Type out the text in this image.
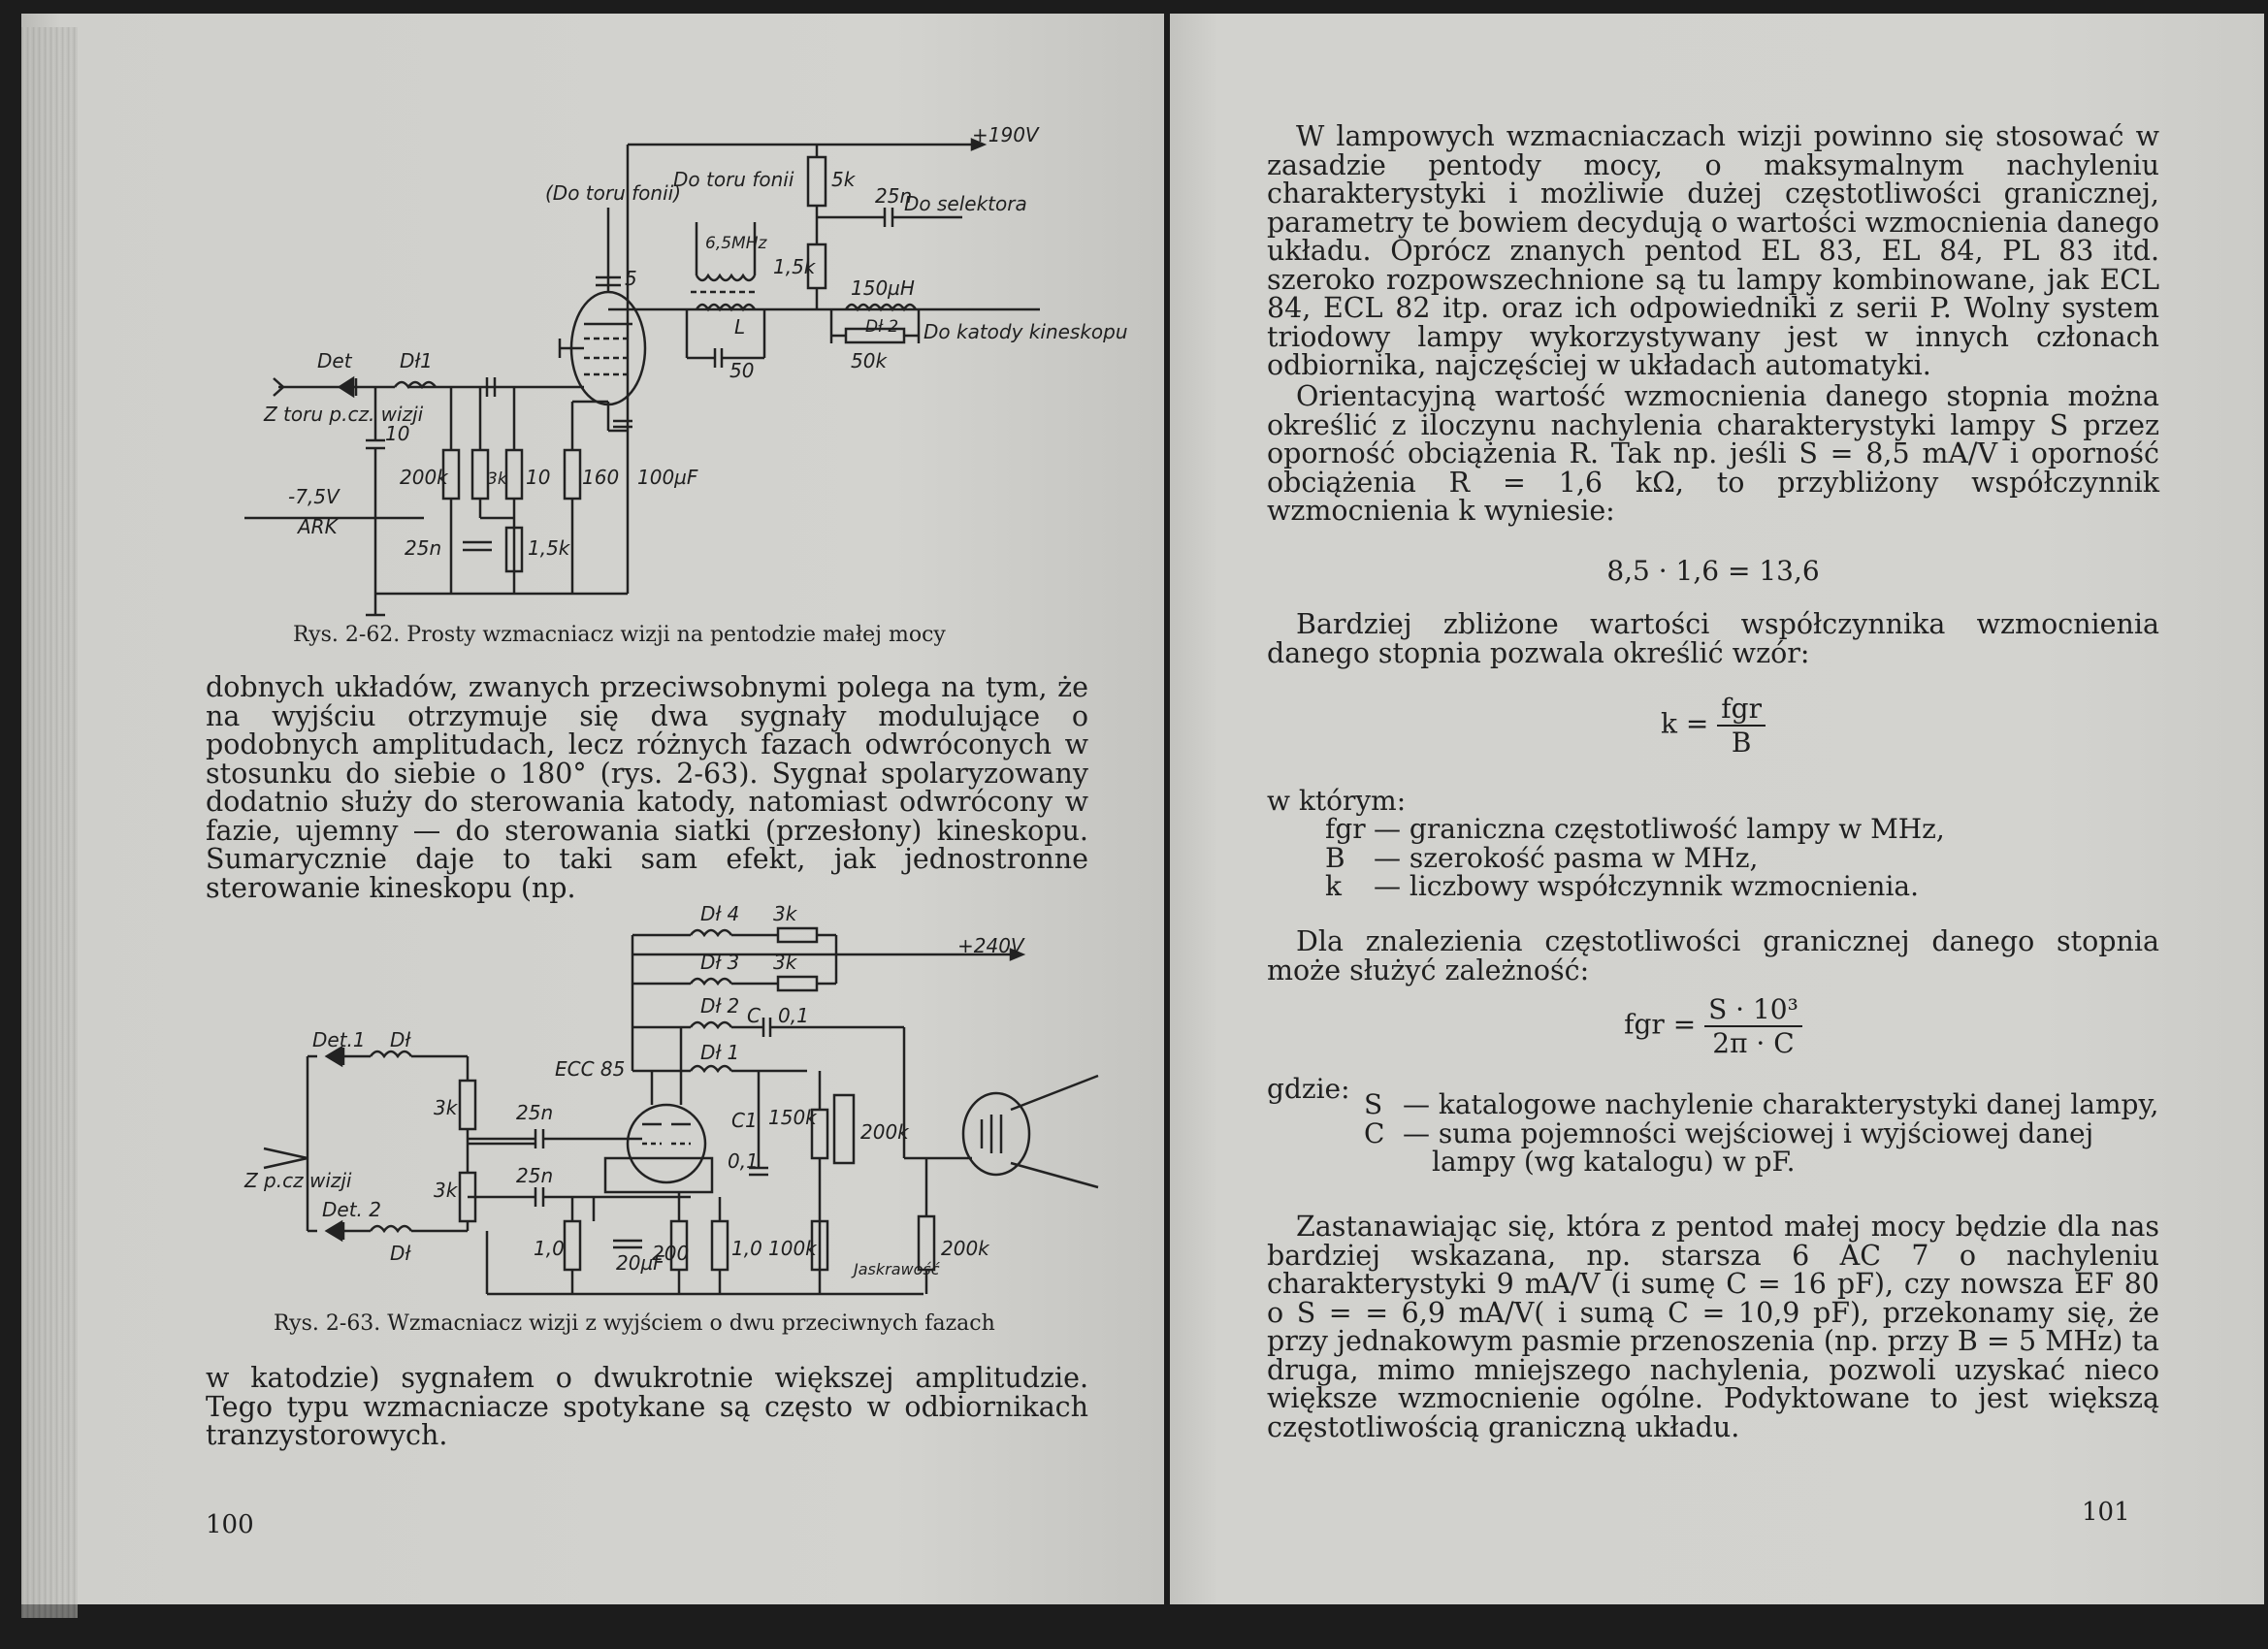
+190V
(Do toru fonii)
Do toru fonii
6,5MHz
Do selektora
Do katody kineskopu
Det Dł1
Z toru p.cz. wizji
-7,5V
ARK
5k
1,5k
25n
150µH
Dł 2
50k
L
50
5
10
200k 3k 10 160 100µF
25n	1,5k
Rys. 2-62. Prosty wzmacniacz wizji na pentodzie małej mocy
dobnych układów, zwanych przeciwsobnymi polega na tym, że na wyjściu otrzymuje się dwa sygnały modulujące o podobnych amplitudach, lecz różnych fazach odwróconych w stosunku do siebie o 180° (rys. 2-63). Sygnał spolaryzowany dodatnio służy do sterowania katody, natomiast odwrócony w fazie, ujemny — do sterowania siatki (przesłony) kineskopu. Sumarycznie daje to taki sam efekt, jak jednostronne sterowanie kineskopu (np.
Dł 4 3k
Dł 3 3k
+240V
Dł 2 C 0,1
Dł 1
ECC 85
Det.1 Dł
Det. 2
Dł
Z p.cz wizji
3k
3k
25n
25n
C1
0,1
150k
200k
1,0
20µF
200 1,0 100k
Jaskrawość
200k
Rys. 2-63. Wzmacniacz wizji z wyjściem o dwu przeciwnych fazach
w katodzie) sygnałem o dwukrotnie większej amplitudzie. Tego typu wzmacniacze spotykane są często w odbiornikach tranzystorowych.
100
W lampowych wzmacniaczach wizji powinno się stosować w zasadzie pentody mocy, o maksymalnym nachyleniu charakterystyki i możliwie dużej częstotliwości granicznej, parametry te bowiem decydują o wartości wzmocnienia danego układu. Oprócz znanych pentod EL 83, EL 84, PL 83 itd. szeroko rozpowszechnione są tu lampy kombinowane, jak ECL 84, ECL 82 itp. oraz ich odpowiedniki z serii P. Wolny system triodowy lampy wykorzystywany jest w innych członach odbiornika, najczęściej w układach automatyki.
Orientacyjną wartość wzmocnienia danego stopnia można określić z iloczynu nachylenia charakterystyki lampy S przez oporność obciążenia R. Tak np. jeśli S = 8,5 mA/V i oporność obciążenia R = 1,6 kΩ, to przybliżony współczynnik wzmocnienia k wyniesie:
8,5 · 1,6 = 13,6
Bardziej zbliżone wartości współczynnika wzmocnienia danego stopnia pozwala określić wzór:
$k = \frac{\text{fgr}}{B}$
w którym:
fgr — graniczna częstotliwość lampy w MHz,
B — szerokość pasma w MHz,
k — liczbowy współczynnik wzmocnienia.
Dla znalezienia częstotliwości granicznej danego stopnia może służyć zależność:
fgr = $\frac{\text{S · 10³}}{2\pi \cdot C}$
gdzie: S — katalogowe nachylenie charakterystyki danej lampy,
C — suma pojemności wejściowej i wyjściowej danej
lampy (wg katalogu) w pF.
Zastanawiając się, która z pentod małej mocy będzie dla nas bardziej wskazana, np. starsza 6 AC 7 o nachyleniu charakterystyki 9 mA/V (i sumę C = 16 pF), czy nowsza EF 80 o S = = 6,9 mA/V( i sumą C = 10,9 pF), przekonamy się, że przy jednakowym pasmie przenoszenia (np. przy B = 5 MHz) ta druga, mimo mniejszego nachylenia, pozwoli uzyskać nieco większe wzmocnienie ogólne. Podyktowane to jest większą częstotliwością graniczną układu.
101
